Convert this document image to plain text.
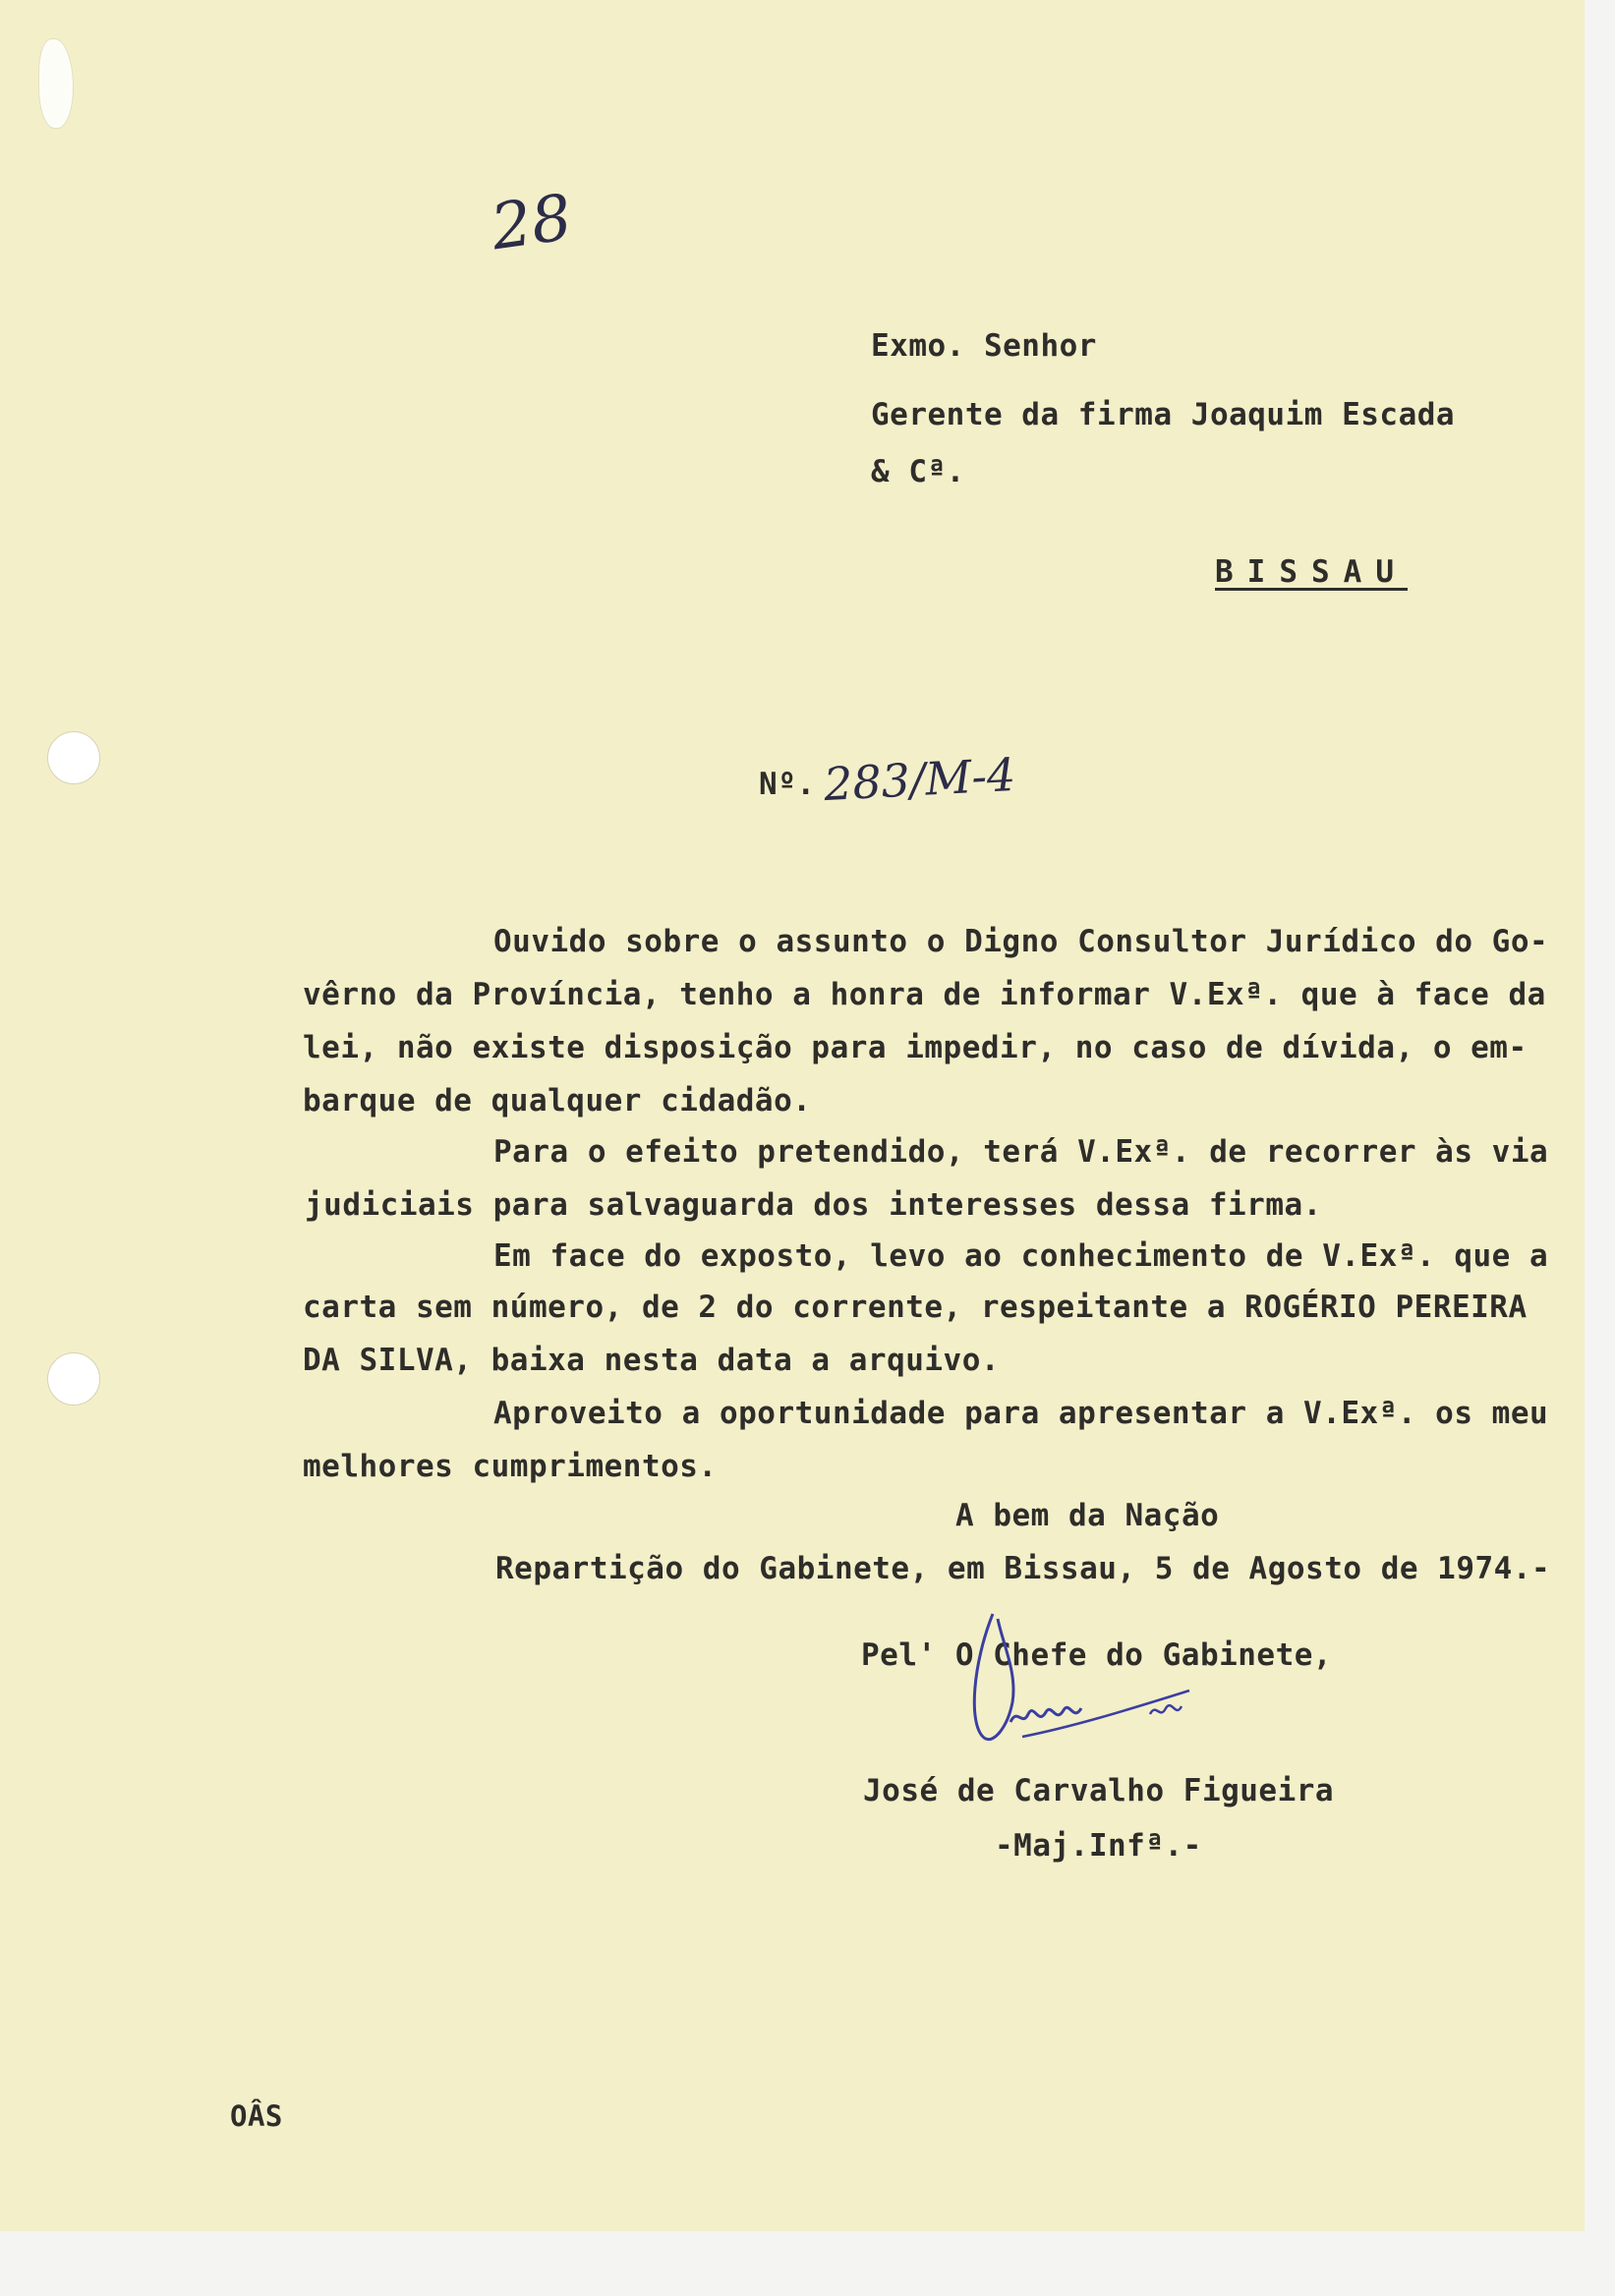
28
Exmo. Senhor
Gerente da firma Joaquim Escada
& Cª.
BISSAU
Nº. 283/M-4
Ouvido sobre o assunto o Digno Consultor Jurídico do Go-
vêrno da Província, tenho a honra de informar V.Exª. que à face da
lei, não existe disposição para impedir, no caso de dívida, o em-
barque de qualquer cidadão.
Para o efeito pretendido, terá V.Exª. de recorrer às via
judiciais para salvaguarda dos interesses dessa firma.
Em face do exposto, levo ao conhecimento de V.Exª. que a
carta sem número, de 2 do corrente, respeitante a ROGÉRIO PEREIRA
DA SILVA, baixa nesta data a arquivo.
Aproveito a oportunidade para apresentar a V.Exª. os meu
melhores cumprimentos.
A bem da Nação
Repartição do Gabinete, em Bissau, 5 de Agosto de 1974.-
Pel' O Chefe do Gabinete,
José de Carvalho Figueira
-Maj.Infª.-
OÂS
